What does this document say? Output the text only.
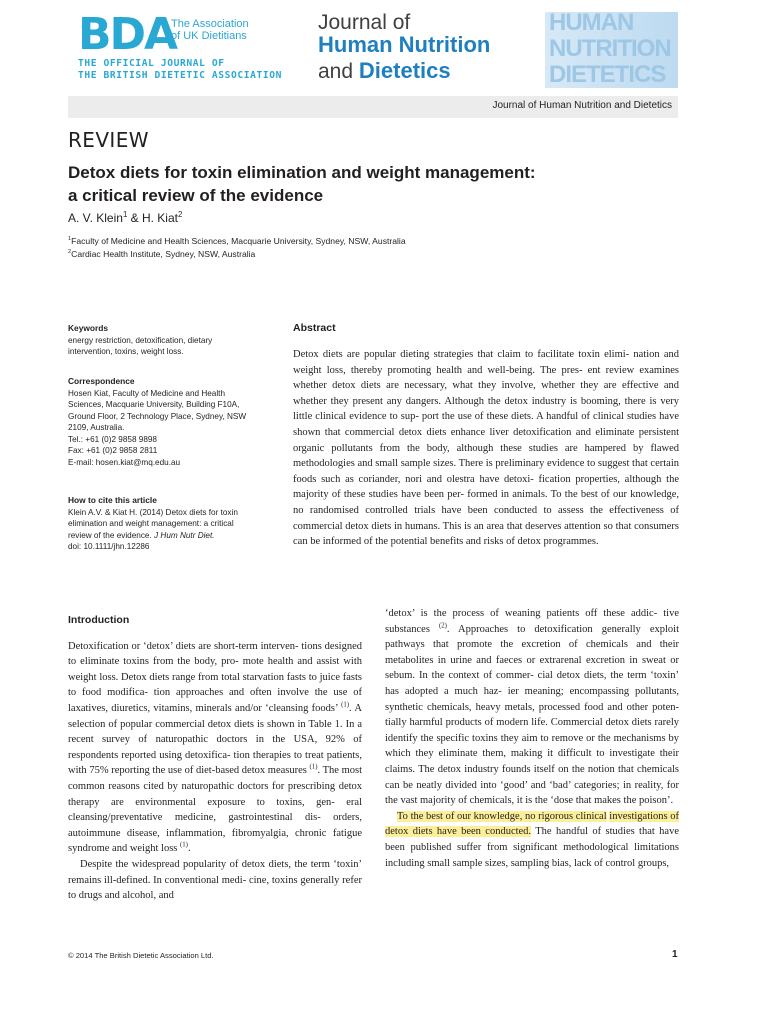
BDA
The Association
of UK Dietitians
THE OFFICIAL JOURNAL OF
THE BRITISH DIETETIC ASSOCIATION
Journal of
Human Nutrition
and Dietetics
HUMAN
NUTRITION
DIETETICS
Journal of Human Nutrition and Dietetics
REVIEW
Detox diets for toxin elimination and weight management:
a critical review of the evidence
A. V. Klein$^1$ & H. Kiat$^2$
$^1$Faculty of Medicine and Health Sciences, Macquarie University, Sydney, NSW, Australia
$^2$Cardiac Health Institute, Sydney, NSW, Australia
Keywords
energy restriction, detoxification, dietary
intervention, toxins, weight loss.
Correspondence
Hosen Kiat, Faculty of Medicine and Health
Sciences, Macquarie University, Building F10A,
Ground Floor, 2 Technology Place, Sydney, NSW
2109, Australia.
Tel.: +61 (0)2 9858 9898
Fax: +61 (0)2 9858 2811
E-mail: hosen.kiat@mq.edu.au
How to cite this article
Klein A.V. & Kiat H. (2014) Detox diets for toxin
elimination and weight management: a critical
review of the evidence. J Hum Nutr Diet.
doi: 10.1111/jhn.12286
Abstract
Detox diets are popular dieting strategies that claim to facilitate toxin elimi- nation and weight loss, thereby promoting health and well-being. The pres- ent review examines whether detox diets are necessary, what they involve, whether they are effective and whether they present any dangers. Although the detox industry is booming, there is very little clinical evidence to sup- port the use of these diets. A handful of clinical studies have shown that commercial detox diets enhance liver detoxification and eliminate persistent organic pollutants from the body, although these studies are hampered by flawed methodologies and small sample sizes. There is preliminary evidence to suggest that certain foods such as coriander, nori and olestra have detoxi- fication properties, although the majority of these studies have been per- formed in animals. To the best of our knowledge, no randomised controlled trials have been conducted to assess the effectiveness of commercial detox diets in humans. This is an area that deserves attention so that consumers can be informed of the potential benefits and risks of detox programmes.
Introduction

Detoxification or ‘detox’ diets are short-term interven- tions designed to eliminate toxins from the body, pro- mote health and assist with weight loss. Detox diets range from total starvation fasts to juice fasts to food modifica- tion approaches and often involve the use of laxatives, diuretics, vitamins, minerals and/or ‘cleansing foods’ $^{(1)}$. A selection of popular commercial detox diets is shown in Table 1. In a recent survey of naturopathic doctors in the USA, 92% of respondents reported using detoxifica- tion therapies to treat patients, with 75% reporting the use of diet-based detox measures $^{(1)}$. The most common reasons cited by naturopathic doctors for prescribing detox therapy are environmental exposure to toxins, gen- eral cleansing/preventative medicine, gastrointestinal dis- orders, autoimmune disease, inflammation, fibromyalgia, chronic fatigue syndrome and weight loss $^{(1)}$.

Despite the widespread popularity of detox diets, the term ‘toxin’ remains ill-defined. In conventional medi- cine, toxins generally refer to drugs and alcohol, and

‘detox’ is the process of weaning patients off these addic- tive substances $^{(2)}$. Approaches to detoxification generally exploit pathways that promote the excretion of chemicals and their metabolites in urine and faeces or extrarenal excretion in sweat or sebum. In the context of commer- cial detox diets, the term ‘toxin’ has adopted a much haz- ier meaning; encompassing pollutants, synthetic chemicals, heavy metals, processed food and other poten- tially harmful products of modern life. Commercial detox diets rarely identify the specific toxins they aim to remove or the mechanisms by which they eliminate them, making it difficult to investigate their claims. The detox industry founds itself on the notion that chemicals can be neatly divided into ‘good’ and ‘bad’ categories; in reality, for the vast majority of chemicals, it is the ‘dose that makes the poison’.

To the best of our knowledge, no rigorous clinical investigations of detox diets have been conducted. The handful of studies that have been published suffer from significant methodological limitations including small sample sizes, sampling bias, lack of control groups,

© 2014 The British Dietetic Association Ltd.	1
